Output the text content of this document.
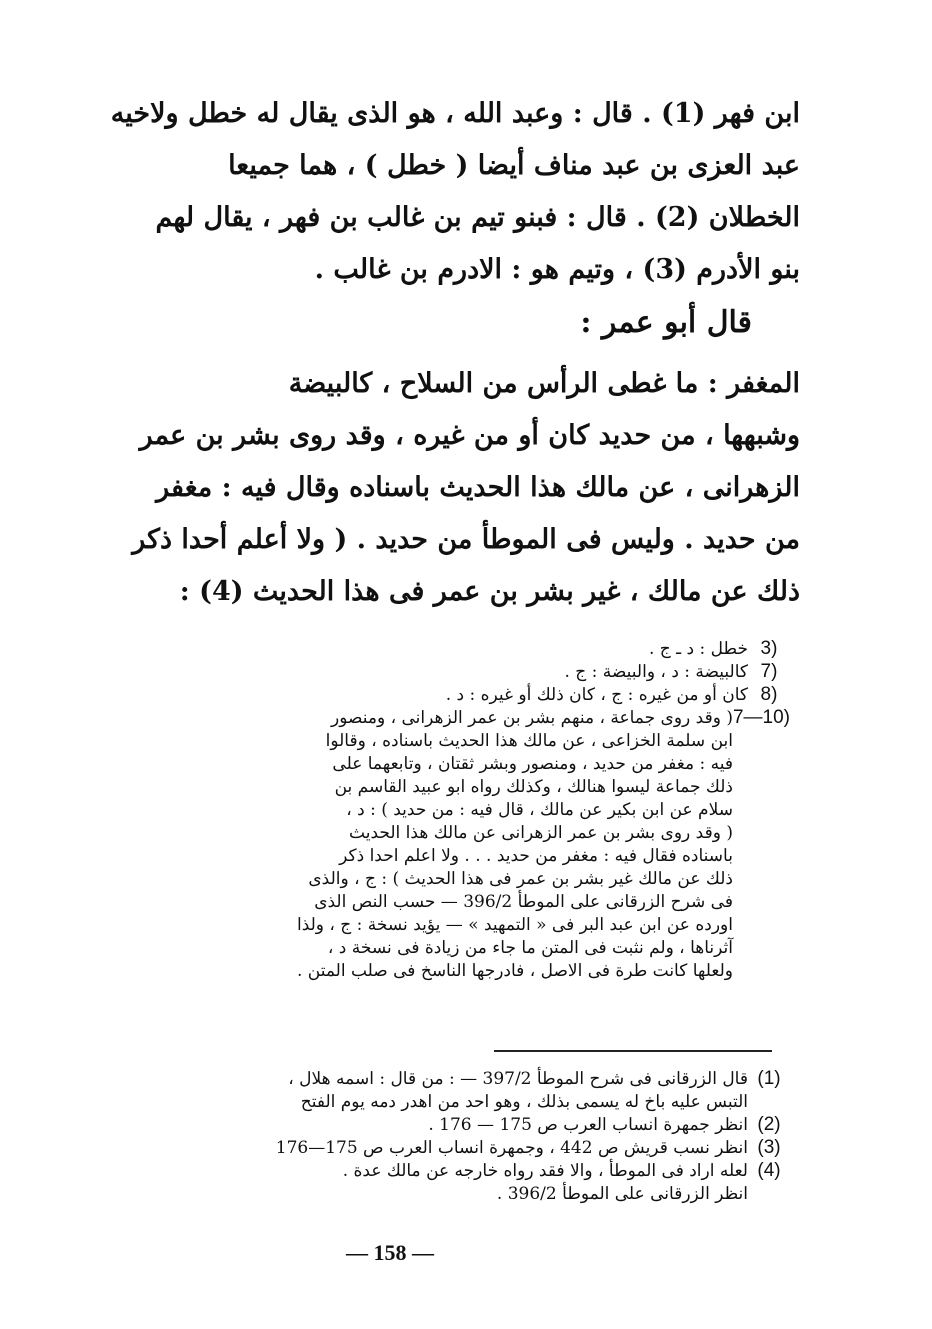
ابن فهر (1) . قال : وعبد الله ، هو الذى يقال له خطل ولاخيه
عبد العزى بن عبد مناف أيضا ( خطل ) ، هما جميعا
الخطلان (2) . قال : فبنو تيم بن غالب بن فهر ، يقال لهم
بنو الأدرم (3) ، وتيم هو : الادرم بن غالب .
قال أبو عمر :
المغفر : ما غطى الرأس من السلاح ، كالبيضة
وشبهها ، من حديد كان أو من غيره ، وقد روى بشر بن عمر
الزهرانى ، عن مالك هذا الحديث باسناده وقال فيه : مغفر
من حديد . وليس فى الموطأ من حديد . ( ولا أعلم أحدا ذكر
ذلك عن مالك ، غير بشر بن عمر فى هذا الحديث (4) :
3)
خطل : د ـ ج .
7)
كالبيضة : د ، والبيضة : ج .
8)
كان أو من غيره : ج ، كان ذلك أو غيره : د .
7—10)
( وقد روى جماعة ، منهم بشر بن عمر الزهرانى ، ومنصور
ابن سلمة الخزاعى ، عن مالك هذا الحديث باسناده ، وقالوا
فيه : مغفر من حديد ، ومنصور وبشر ثقتان ، وتابعهما على
ذلك جماعة ليسوا هنالك ، وكذلك رواه ابو عبيد القاسم بن
سلام عن ابن بكير عن مالك ، قال فيه : من حديد ) : د ،
( وقد روى بشر بن عمر الزهرانى عن مالك هذا الحديث
باسناده فقال فيه : مغفر من حديد . . . ولا اعلم احدا ذكر
ذلك عن مالك غير بشر بن عمر فى هذا الحديث ) : ج ، والذى
فى شرح الزرقانى على الموطأ 396/2 — حسب النص الذى
اورده عن ابن عبد البر فى « التمهيد » — يؤيد نسخة : ج ، ولذا
آثرناها ، ولم نثبت فى المتن ما جاء من زيادة فى نسخة د ،
ولعلها كانت طرة فى الاصل ، فادرجها الناسخ فى صلب المتن .
(1)
قال الزرقانى فى شرح الموطأ 397/2 — : من قال : اسمه هلال ،
التبس عليه باخ له يسمى بذلك ، وهو احد من اهدر دمه يوم الفتح
(2)
انظر جمهرة انساب العرب ص 175 — 176 .
(3)
انظر نسب قريش ص 442 ، وجمهرة انساب العرب ص 175—176
(4)
لعله اراد فى الموطأ ، والا فقد رواه خارجه عن مالك عدة .
انظر الزرقانى على الموطأ 396/2 .
— 158 —
